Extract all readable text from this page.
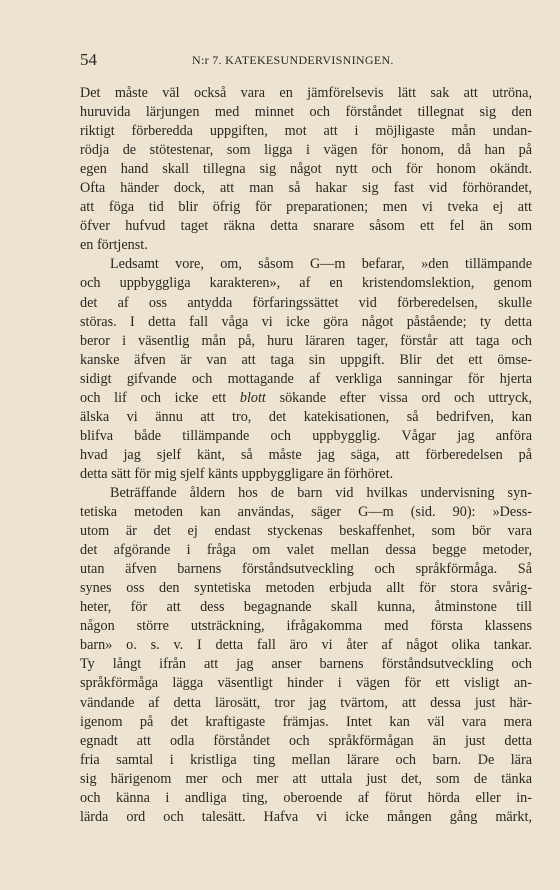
54	N:r 7. KATEKESUNDERVISNINGEN.
Det måste väl också vara en jämförelsevis lätt sak att utröna,
huruvida lärjungen med minnet och förståndet tillegnat sig den
riktigt förberedda uppgiften, mot att i möjligaste mån undan-
rödja de stötestenar, som ligga i vägen för honom, då han på
egen hand skall tillegna sig något nytt och för honom okändt.
Ofta händer dock, att man så hakar sig fast vid förhörandet,
att föga tid blir öfrig för preparationen; men vi tveka ej att
öfver hufvud taget räkna detta snarare såsom ett fel än som
en förtjenst.
Ledsamt vore, om, såsom G—m befarar, »den tillämpande
och uppbyggliga karakteren», af en kristendomslektion, genom
det af oss antydda förfaringssättet vid förberedelsen, skulle
störas. I detta fall våga vi icke göra något påstående; ty detta
beror i väsentlig mån på, huru läraren tager, förstår att taga och
kanske äfven är van att taga sin uppgift. Blir det ett ömse-
sidigt gifvande och mottagande af verkliga sanningar för hjerta
och lif och icke ett blott sökande efter vissa ord och uttryck,
älska vi ännu att tro, det katekisationen, så bedrifven, kan
blifva både tillämpande och uppbygglig. Vågar jag anföra
hvad jag sjelf känt, så måste jag säga, att förberedelsen på
detta sätt för mig sjelf känts uppbyggligare än förhöret.
Beträffande åldern hos de barn vid hvilkas undervisning syn-
tetiska metoden kan användas, säger G—m (sid. 90): »Dess-
utom är det ej endast styckenas beskaffenhet, som bör vara
det afgörande i fråga om valet mellan dessa begge metoder,
utan äfven barnens förståndsutveckling och språkförmåga. Så
synes oss den syntetiska metoden erbjuda allt för stora svårig-
heter, för att dess begagnande skall kunna, åtminstone till
någon större utsträckning, ifrågakomma med första klassens
barn» o. s. v. I detta fall äro vi åter af något olika tankar.
Ty långt ifrån att jag anser barnens förståndsutveckling och
språkförmåga lägga väsentligt hinder i vägen för ett visligt an-
vändande af detta lärosätt, tror jag tvärtom, att dessa just här-
igenom på det kraftigaste främjas. Intet kan väl vara mera
egnadt att odla förståndet och språkförmågan än just detta
fria samtal i kristliga ting mellan lärare och barn. De lära
sig härigenom mer och mer att uttala just det, som de tänka
och känna i andliga ting, oberoende af förut hörda eller in-
lärda ord och talesätt. Hafva vi icke mången gång märkt,
